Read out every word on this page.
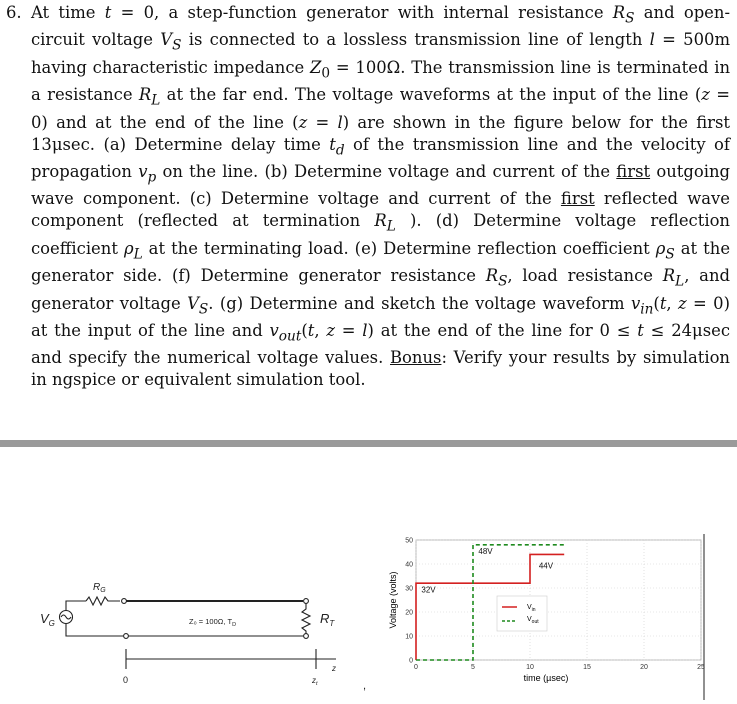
6. At time t = 0, a step-function generator with internal resistance $R_S$ and open-circuit voltage $V_S$ is connected to a lossless transmission line of length l = 500m having characteristic impedance $Z_0 = 100\Omega$. The transmission line is terminated in a resistance $R_L$ at the far end. The voltage waveforms at the input of the line (z = 0) and at the end of the line (z = l) are shown in the figure below for the first 13μsec. (a) Determine delay time $t_d$ of the transmission line and the velocity of propagation $v_p$ on the line. (b) Determine voltage and current of the first outgoing wave component. (c) Determine voltage and current of the first reflected wave component (reflected at termination $R_L$ ). (d) Determine voltage reflection coefficient $\rho_L$ at the terminating load. (e) Determine reflection coefficient $\rho_S$ at the generator side. (f) Determine generator resistance $R_S$, load resistance $R_L$, and generator voltage $V_S$. (g) Determine and sketch the voltage waveform $v_{in}(t$, z = 0) at the input of the line and $v_{out}(t$, z = l) at the end of the line for 0 ≤ t ≤ 24μsec and specify the numerical voltage values. Bonus: Verify your results by simulation in ngspice or equivalent simulation tool.
$V_G$
$R_G$
Z₀ = 100Ω, $T_D$	$R_T$
0	$z_t$
z
,
0	5	10	15	20	25
0
10
20
30
40
50
32V
48V
44V
time (µsec)
Voltage (volts)	$V_{in}$
$V_{out}$
